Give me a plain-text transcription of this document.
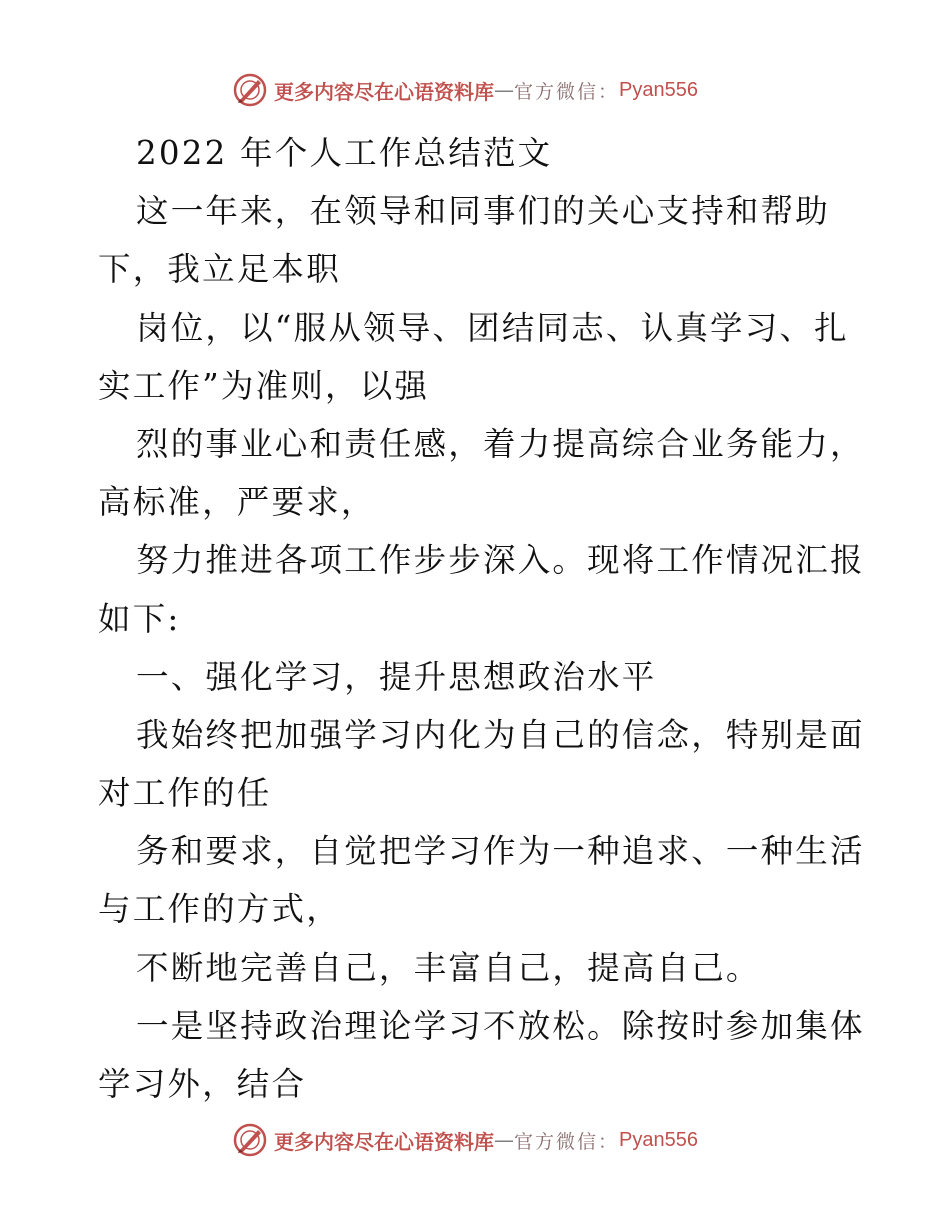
更多内容尽在心语资料库 — 官方微信： Pyan556
2022 年个人工作总结范文
这一年来，在领导和同事们的关心支持和帮助
下，我立足本职
岗位，以“服从领导、团结同志、认真学习、扎
实工作”为准则，以强
烈的事业心和责任感，着力提高综合业务能力，
高标准，严要求，
努力推进各项工作步步深入。现将工作情况汇报
如下:
一、强化学习，提升思想政治水平
我始终把加强学习内化为自己的信念，特别是面
对工作的任
务和要求，自觉把学习作为一种追求、一种生活
与工作的方式，
不断地完善自己，丰富自己，提高自己。
一是坚持政治理论学习不放松。除按时参加集体
学习外，结合
更多内容尽在心语资料库 — 官方微信： Pyan556
